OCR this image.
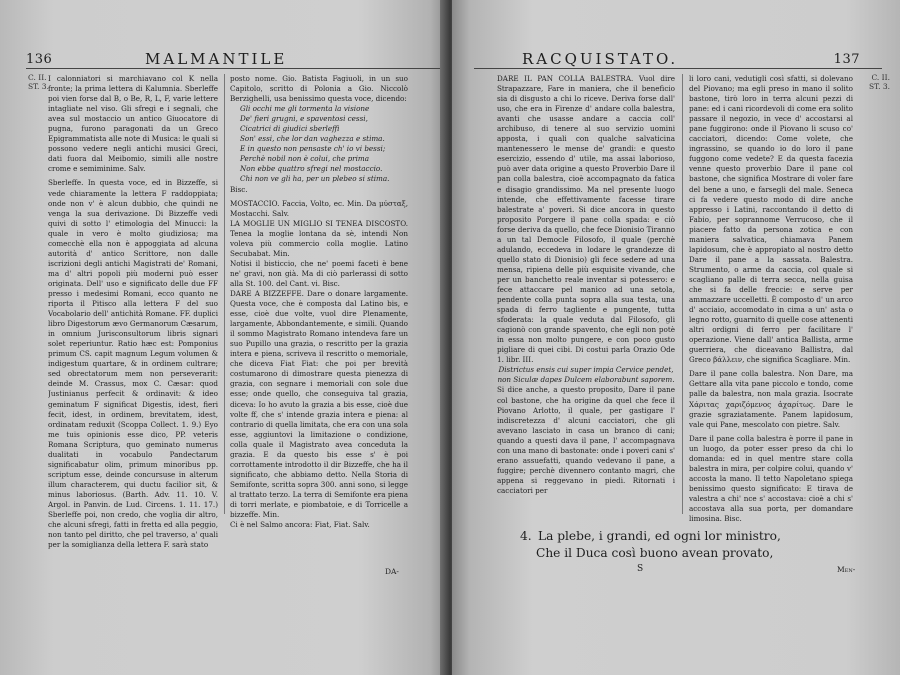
136	MALMANTILE
C. II.
ST. 3.

I calonniatori si marchiavano col K nella fronte; la prima lettera di Kalumnia. Sberleffe poi vien forse dal B, o Be, R, L, F, varie lettere intagliate nel viso. Gli sfregi e i segnali, che avea sul mostaccio un antico Giuocatore di pugna, furono paragonati da un Greco Epigrammatista alle note di Musica: le quali si possono vedere negli antichi musici Greci, dati fuora dal Meibomio, simili alle nostre crome e semiminime. Salv.

Sberleffe. In questa voce, ed in Bizzeffe, si vede chiaramente la lettera F raddoppiata; onde non v' è alcun dubbio, che quindi ne venga la sua derivazione. Di Bizzeffe vedi quivi di sotto l' etimologia del Minucci: la quale in vero è molto giudiziosa; ma comecchè ella non è appoggiata ad alcuna autorità d' antico Scrittore, non dalle iscrizioni degli antichi Magistrati de' Romani, ma d' altri popoli più moderni può esser originata. Dell' uso e significato delle due FF presso i medesimi Romani, ecco quanto ne riporta il Pitisco alla lettera F del suo Vocabolario dell' antichità Romane. FF. duplici libro Digestorum ævo Germanorum Cæsarum, in omnium Jurisconsultorum libris signari solet reperiuntur. Ratio hæc est: Pomponius primum CS. capit magnum Legum volumen & indigestum quartare, & in ordinem cultrare; sed obrectatorum mem non perseverarit: deinde M. Crassus, mox C. Cæsar: quod Justinianus perfecit & ordinavit: & ideo geminatum F significat Digestis, idest, fieri fecit, idest, in ordinem, brevitatem, idest, ordinatam reduxit (Scoppa Collect. 1. 9.) Eyo me tuis opinionis esse dico, PP. veteris Romana Scriptura, quo geminato numerus dualitati in vocabulo Pandectarum significabatur olim, primum minoribus pp. scriptum esse, deinde concursuse in alterum illum characterem, qui ductu facilior sit, & minus laboriosus. (Barth. Adv. 11. 10. V. Argol. in Panvin. de Lud. Circens. 1. 11. 17.) Sberleffe poi, non credo, che voglia dir altro, che alcuni sfregi, fatti in fretta ed alla peggio, non tanto pel diritto, che pel traverso, a' quali per la somiglianza della lettera F. sarà stato

posto nome. Gio. Batista Fagiuoli, in un suo Capitolo, scritto di Polonia a Gio. Niccolò Berzighelli, usa benissimo questa voce, dicendo:

Gli occhi me gli tormenta la visione

De' fieri grugni, e spaventosi cessi,

Cicatrici di giudici sberleffi

Son' essi, che lor dan vaghezza e stima.

E in questo non pensaste ch' io vi bessi;

Perchè nobil non è colui, che prima

Non ebbe quattro sfregi nel mostaccio.

Chi non ve gli ha, per un plebeo si stima.

Bisc.

MOSTACCIO. Faccia, Volto, ec. Min. Da μύσταξ, Mostacchi. Salv.

LA MOGLIE UN MIGLIO SI TENEA DISCOSTO. Tenea la moglie lontana da sè, intendi Non voleva più commercio colla moglie. Latino Secubabat. Min.

Notisi il bisticcio, che ne' poemi faceti è bene ne' gravi, non già. Ma di ciò parlerassi di sotto alla St. 100. del Cant. vi. Bisc.

DARE A BIZZEFFE. Dare o donare largamente. Questa voce, che è composta dal Latino bis, e esse, cioè due volte, vuol dire Plenamente, largamente, Abbondantemente, e simili. Quando il sommo Magistrato Romano intendeva fare un suo Pupillo una grazia, o rescritto per la grazia intera e piena, scriveva il rescritto o memoriale, che diceva Fiat Fiat: che poi per brevità costumarono di dimostrare questa pienezza di grazia, con segnare i memoriali con sole due esse; onde quello, che conseguiva tal grazia, diceva: Io ho avuto la grazia a bis esse, cioè due volte ff, che s' intende grazia intera e piena: al contrario di quella limitata, che era con una sola esse, aggiuntovi la limitazione o condizione, colla quale il Magistrato avea conceduta la grazia. E da questo bis esse s' è poi corrottamente introdotto il dir Bizzeffe, che ha il significato, che abbiamo detto. Nella Storia di Semifonte, scritta sopra 300. anni sono, si legge al trattato terzo. La terra di Semifonte era piena di torri merlate, e piombatoie, e di Torricelle a bizzeffe. Min.

Ci è nel Salmo ancora: Fiat, Fiat. Salv.

DA-
RACQUISTATO.	137
C. II.
ST. 3.

DARE IL PAN COLLA BALESTRA. Vuol dire Strapazzare, Fare in maniera, che il beneficio sia di disgusto a chi lo riceve. Deriva forse dall' uso, che era in Firenze d' andare colla balestra, avanti che usasse andare a caccia coll' archibuso, di tenere al suo servizio uomini apposta, i quali con qualche salvaticina mantenessero le mense de' grandi: e questo esercizio, essendo d' utile, ma assai laborioso, può aver data origine a questo Proverbio Dare il pan colla balestra, cioè accompagnato da fatica e disagio grandissimo. Ma nel presente luogo intende, che effettivamente facesse tirare balestrate a' poveri. Si dice ancora in questo proposito Porgere il pane colla spada: e ciò forse deriva da quello, che fece Dionisio Tiranno a un tal Democle Filosofo, il quale (perchè adulando, eccedeva in lodare le grandezze di quello stato di Dionisio) gli fece sedere ad una mensa, ripiena delle più esquisite vivande, che per un banchetto reale inventar si potessero: e fece attaccare pel manico ad una setola, pendente colla punta sopra alla sua testa, una spada di ferro tagliente e pungente, tutta sfoderata: la quale veduta dal Filosofo, gli cagionò con grande spavento, che egli non potè in essa non molto pungere, e con poco gusto pigliare di quei cibi. Di costui parla Orazio Ode 1. libr. III.

Districtus ensis cui super impia Cervice pendet, non Siculæ dapes Dulcem elaborabunt saporem.

Si dice anche, a questo proposito, Dare il pane col bastone, che ha origine da quel che fece il Piovano Arlotto, il quale, per gastigare l' indiscretezza d' alcuni cacciatori, che gli avevano lasciato in casa un branco di cani; quando a questi dava il pane, l' accompagnava con una mano di bastonate: onde i poveri cani s' erano assuefatti, quando vedevano il pane, a fuggire; perchè divennero contanto magri, che appena si reggevano in piedi. Ritornati i cacciatori per

li loro cani, vedutigli così sfatti, si dolevano del Piovano; ma egli preso in mano il solito bastone, tirò loro in terra alcuni pezzi di pane: ed i cani ricordevoli di come era solito passare il negozio, in vece d' accostarsi al pane fuggirono: onde il Piovano li scuso co' cacciatori, dicendo: Come volete, che ingrassino, se quando io do loro il pane fuggono come vedete? E da questa facezia venne questo proverbio Dare il pane col bastone, che significa Mostrare di voler fare del bene a uno, e farsegli del male. Seneca ci fa vedere questo modo di dire anche appresso i Latini, raccontando il detto di Fabio, per soprannome Verrucoso, che il piacere fatto da persona zotica e con maniera salvatica, chiamava Panem lapidosum, che è appropiato al nostro detto Dare il pane a la sassata. Balestra. Strumento, o arme da caccia, col quale si scagliano palle di terra secca, nella guisa che si fa delle freccie: e serve per ammazzare uccelletti. È composto d' un arco d' acciaio, accomodato in cima a un' asta o legno rotto, guarnito di quelle cose attenenti altri ordigni di ferro per facilitare l' operazione. Viene dall' antica Ballista, arme guerriera, che diceavano Ballistra, dal Greco βάλλειν, che significa Scagliare. Min.

Dare il pane colla balestra. Non Dare, ma Gettare alla vita pane piccolo e tondo, come palle da balestra, non mala grazia. Isocrate Χάριτας χαριζόμενος ἀχαρίτως. Dare le grazie sgraziatamente. Panem lapidosum, vale qui Pane, mescolato con pietre. Salv.

Dare il pane colla balestra è porre il pane in un luogo, da poter esser preso da chi lo domanda: ed in quel mentre stare colla balestra in mira, per colpire colui, quando v' accosta la mano. Il tetto Napoletano spiega benissimo questo significato: E tirava de valestra a chi' nce s' accostava: cioè a chi s' accostava alla sua porta, per domandare limosina. Bisc.

4. La plebe, i grandi, ed ogni lor ministro,
Che il Duca così buono avean provato,
S	Men-
